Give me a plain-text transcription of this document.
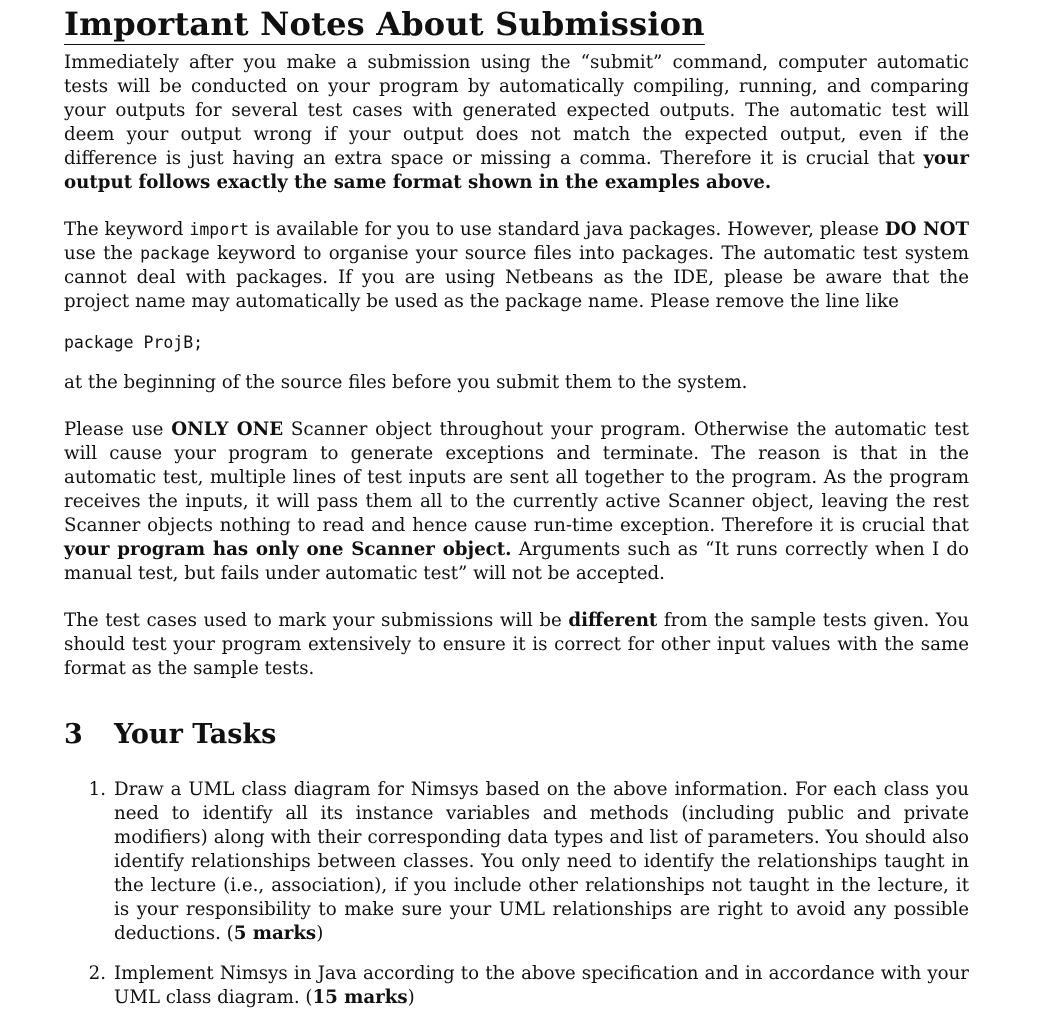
Important Notes About Submission

Immediately after you make a submission using the “submit” command, computer automatic tests will be conducted on your program by automatically compiling, running, and comparing your outputs for several test cases with generated expected outputs. The automatic test will deem your output wrong if your output does not match the expected output, even if the difference is just having an extra space or missing a comma. Therefore it is crucial that your output follows exactly the same format shown in the examples above.

The keyword import is available for you to use standard java packages. However, please DO NOT use the package keyword to organise your source files into packages. The automatic test system cannot deal with packages. If you are using Netbeans as the IDE, please be aware that the project name may automatically be used as the package name. Please remove the line like

package ProjB;

at the beginning of the source files before you submit them to the system.

Please use ONLY ONE Scanner object throughout your program. Otherwise the automatic test will cause your program to generate exceptions and terminate. The reason is that in the automatic test, multiple lines of test inputs are sent all together to the program. As the program receives the inputs, it will pass them all to the currently active Scanner object, leaving the rest Scanner objects nothing to read and hence cause run-time exception. Therefore it is crucial that your program has only one Scanner object. Arguments such as “It runs correctly when I do manual test, but fails under automatic test” will not be accepted.

The test cases used to mark your submissions will be different from the sample tests given. You should test your program extensively to ensure it is correct for other input values with the same format as the sample tests.

3	Your Tasks
1. Draw a UML class diagram for Nimsys based on the above information. For each class you need to identify all its instance variables and methods (including public and private modifiers) along with their corresponding data types and list of parameters. You should also identify relationships between classes. You only need to identify the relationships taught in the lecture (i.e., association), if you include other relationships not taught in the lecture, it is your responsibility to make sure your UML relationships are right to avoid any possible deductions. (5 marks)

2. Implement Nimsys in Java according to the above specification and in accordance with your UML class diagram. (15 marks)
